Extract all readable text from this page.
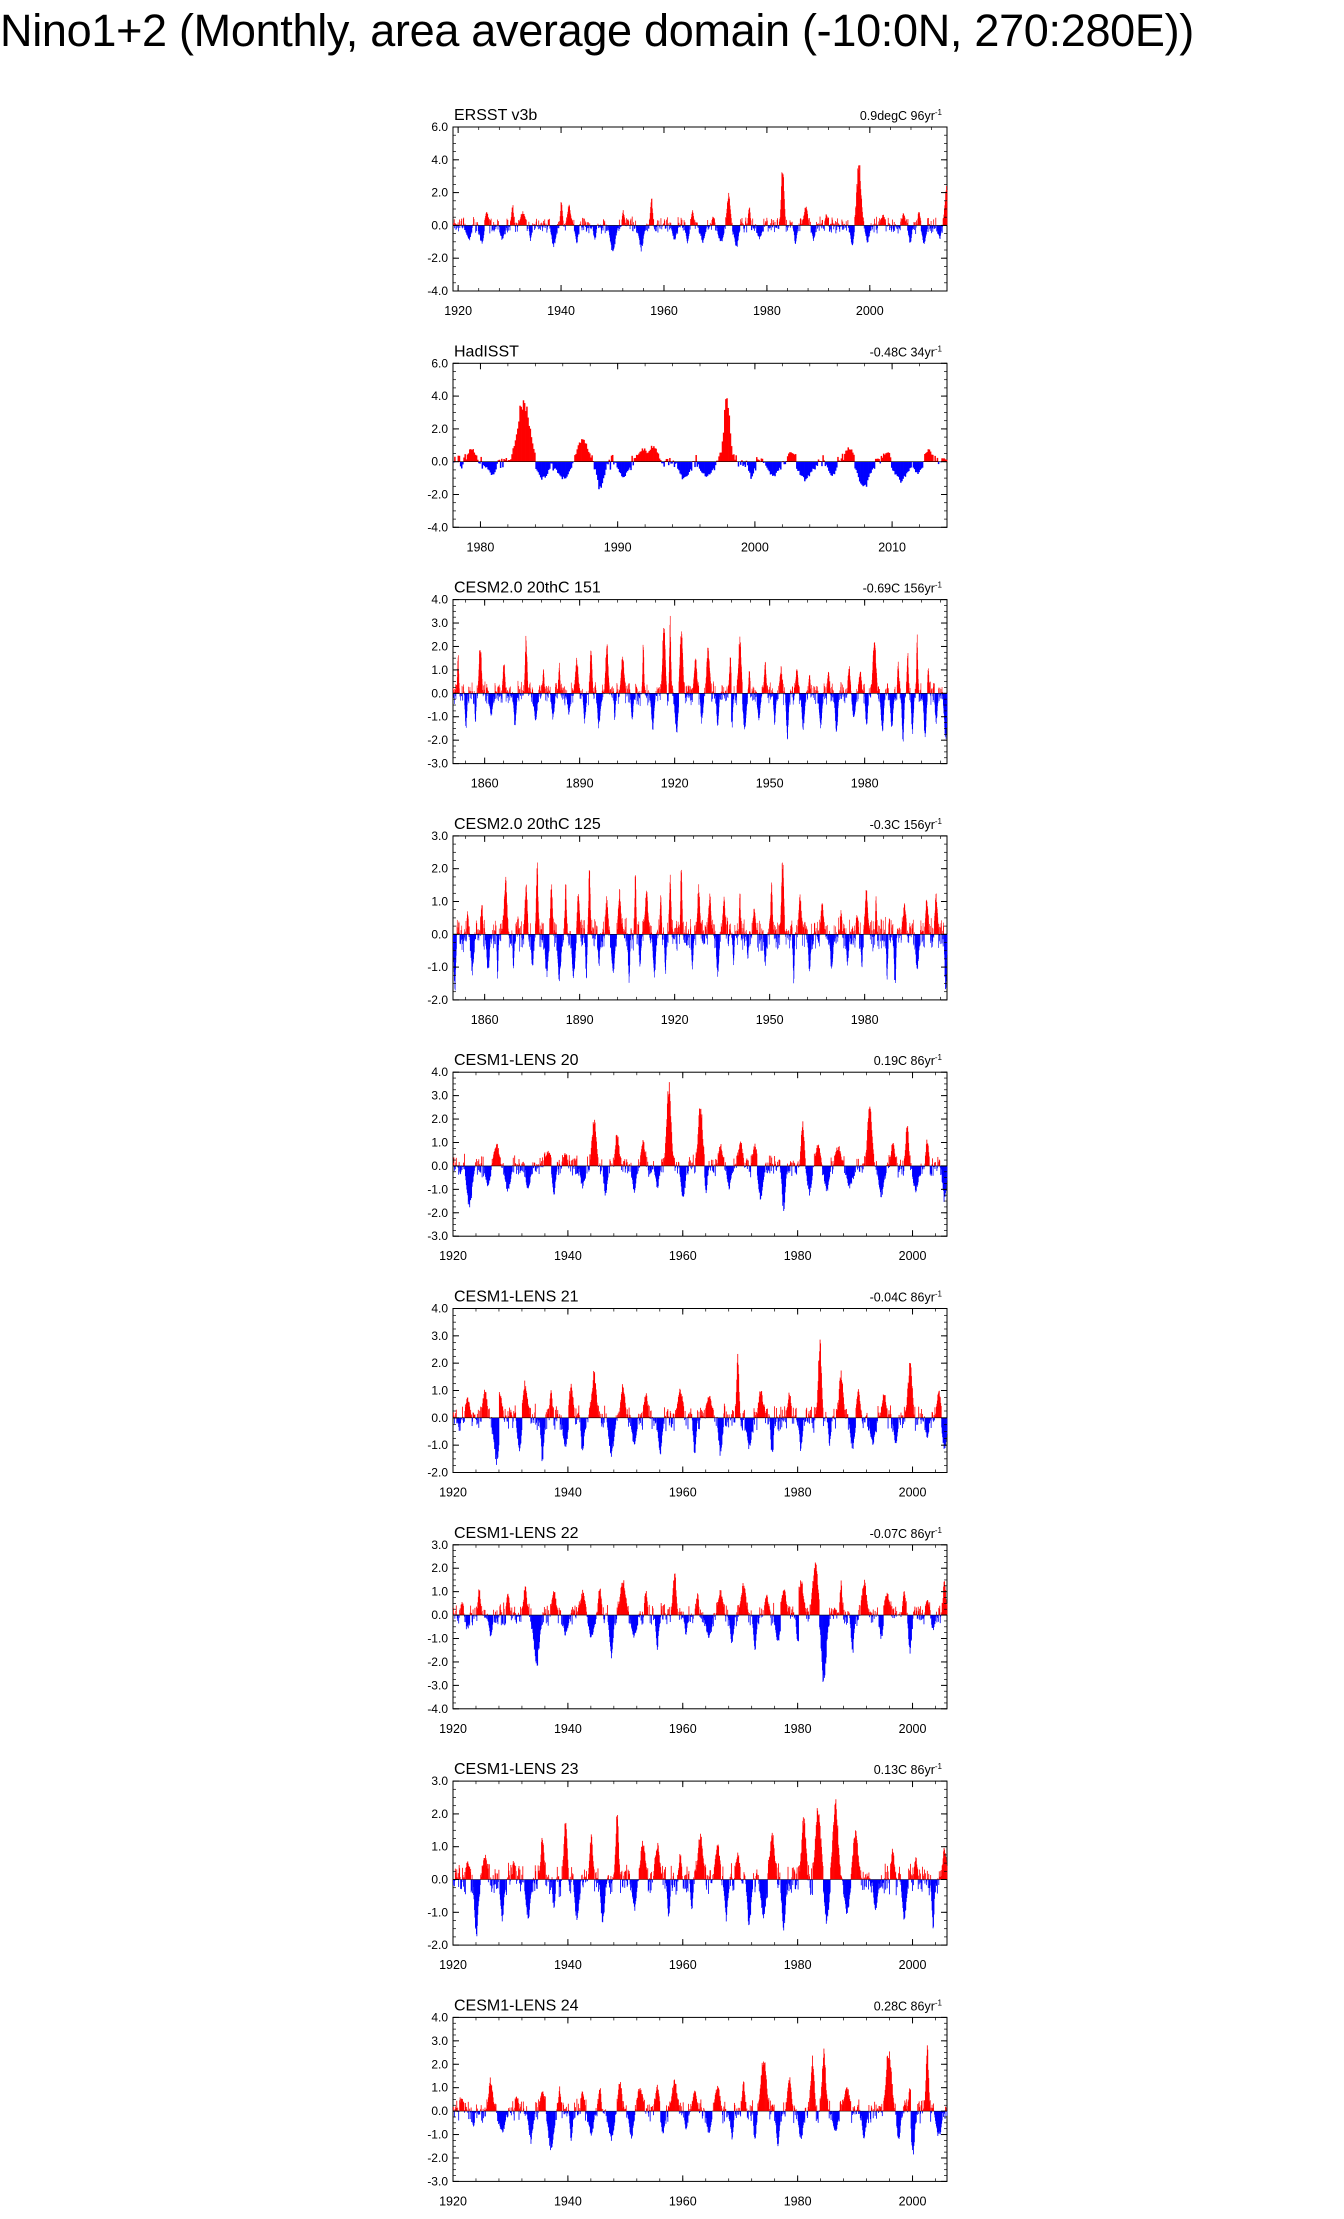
Nino1+2 (Monthly, area average domain (-10:0N, 270:280E))
6.0
4.0
2.0
0.0
-2.0
-4.0
1920	1940	1960	1980	2000
ERSST v3b	0.9degC $96yr^{-1}$
6.0
4.0
2.0
0.0
-2.0
-4.0
1980	1990	2000	2010
HadISST	-0.48C $34yr^{-1}$
4.0
3.0
2.0
1.0
0.0
-1.0
-2.0
-3.0
1860	1890	1920	1950	1980
CESM2.0 20thC 151	-0.69C $156yr^{-1}$
3.0
2.0
1.0
0.0
-1.0
-2.0
1860	1890	1920	1950	1980
CESM2.0 20thC 125	-0.3C $156yr^{-1}$
4.0
3.0
2.0
1.0
0.0
-1.0
-2.0
-3.0
1920	1940	1960	1980	2000
CESM1-LENS 20	0.19C $86yr^{-1}$
4.0
3.0
2.0
1.0
0.0
-1.0
-2.0
1920	1940	1960	1980	2000
CESM1-LENS 21	-0.04C $86yr^{-1}$
3.0
2.0
1.0
0.0
-1.0
-2.0
-3.0
-4.0
1920	1940	1960	1980	2000
CESM1-LENS 22	-0.07C $86yr^{-1}$
3.0
2.0
1.0
0.0
-1.0
-2.0
1920	1940	1960	1980	2000
CESM1-LENS 23	0.13C $86yr^{-1}$
4.0
3.0
2.0
1.0
0.0
-1.0
-2.0
-3.0
1920	1940	1960	1980	2000
CESM1-LENS 24	0.28C $86yr^{-1}$
